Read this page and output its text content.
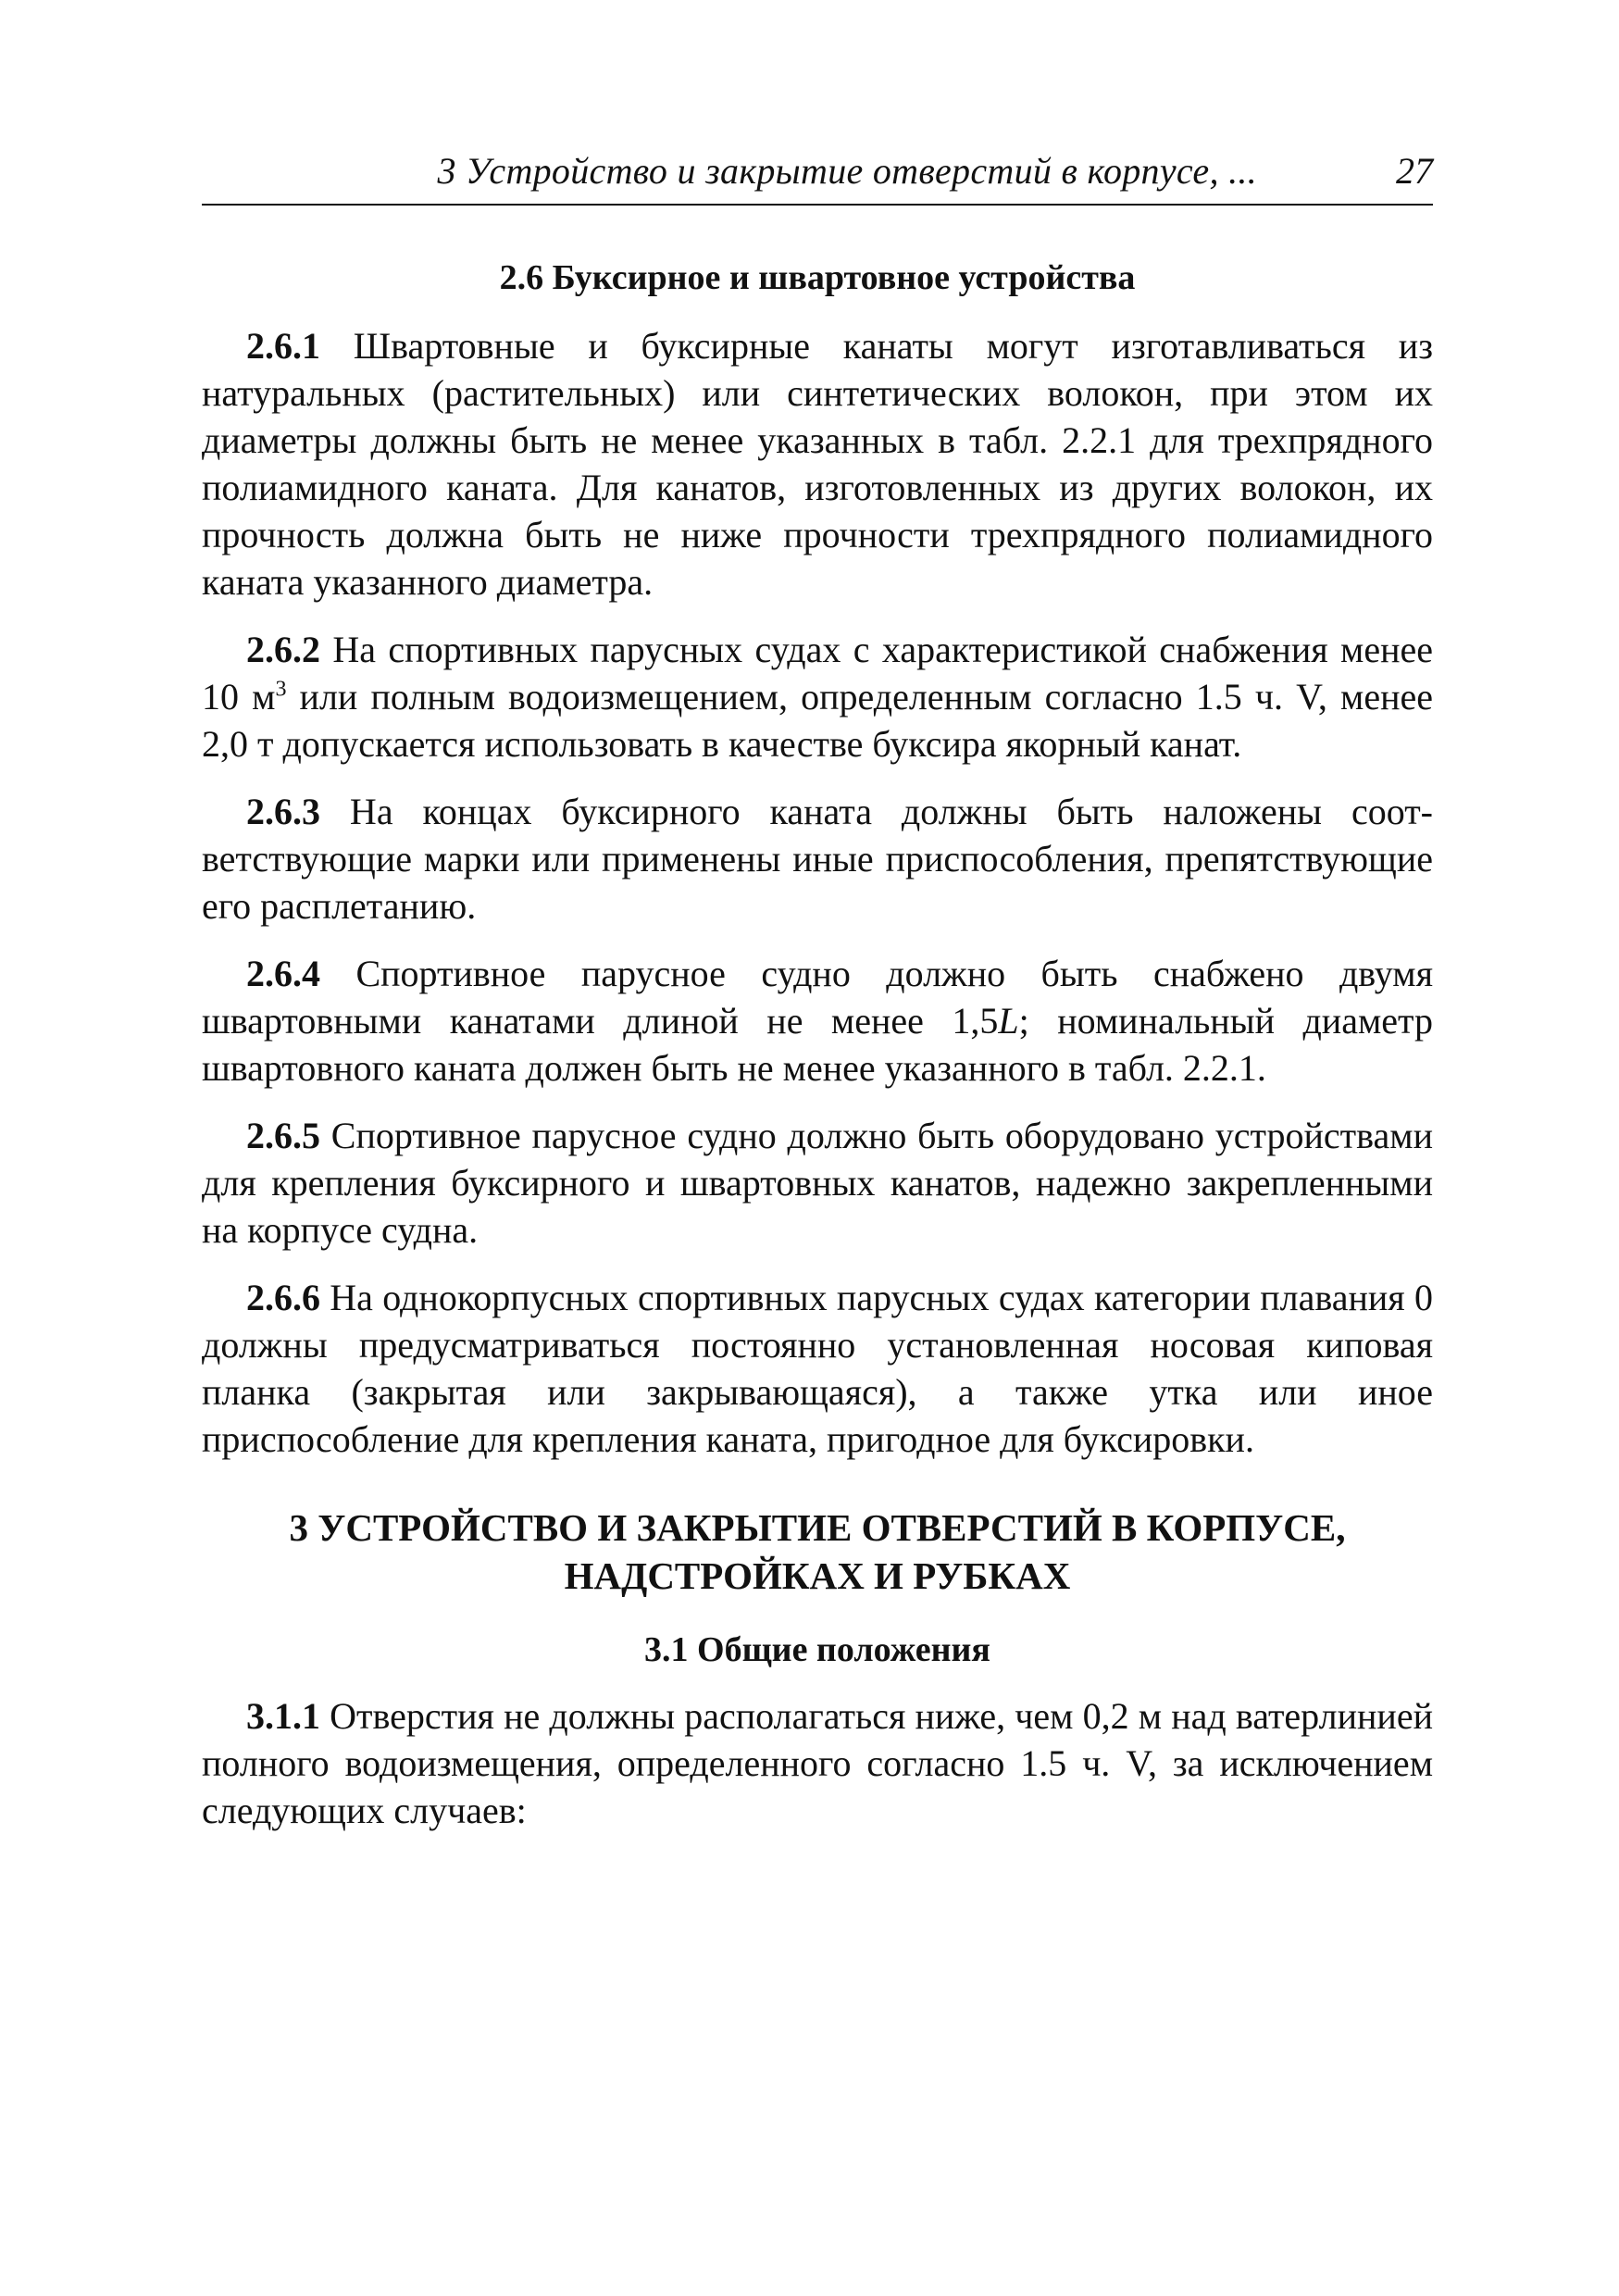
3 Устройство и закрытие отверстий в корпусе, ...	27
2.6 Буксирное и швартовное устройства

2.6.1 Швартовные и буксирные канаты могут изготавливаться из натуральных (растительных) или синтетических волокон, при этом их диаметры должны быть не менее указанных в табл. 2.2.1 для трехпрядного полиамидного каната. Для канатов, изготовленных из других волокон, их прочность должна быть не ниже прочности трехпрядного полиамидного каната указанного диаметра.

2.6.2 На спортивных парусных судах с характеристикой снабжения менее 10 $м^3$ или полным водоизмещением, определенным согласно 1.5 ч. V, менее 2,0 т допускается использовать в качестве буксира якорный канат.

2.6.3 На концах буксирного каната должны быть наложены соответствующие марки или применены иные приспособления, препятствующие его расплетанию.

2.6.4 Спортивное парусное судно должно быть снабжено двумя швартовными канатами длиной не менее 1,5L; номинальный диаметр швартовного каната должен быть не менее указанного в табл. 2.2.1.

2.6.5 Спортивное парусное судно должно быть оборудовано устройствами для крепления буксирного и швартовных канатов, надежно закрепленными на корпусе судна.

2.6.6 На однокорпусных спортивных парусных судах категории плавания 0 должны предусматриваться постоянно установленная носовая киповая планка (закрытая или закрывающаяся), а также утка или иное приспособление для крепления каната, пригодное для буксировки.

3 УСТРОЙСТВО И ЗАКРЫТИЕ ОТВЕРСТИЙ В КОРПУСЕ,
НАДСТРОЙКАХ И РУБКАХ
3.1 Общие положения

3.1.1 Отверстия не должны располагаться ниже, чем 0,2 м над ватерлинией полного водоизмещения, определенного согласно 1.5 ч. V, за исключением следующих случаев:
